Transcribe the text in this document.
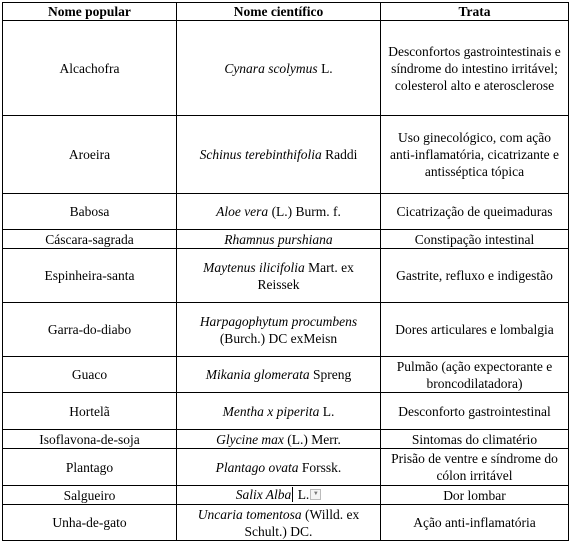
Nome popular	Nome científico	Trata
Alcachofra	Cynara scolymus L.	Desconfortos gastrointestinais e síndrome do intestino irritável; colesterol alto e aterosclerose
Aroeira	Schinus terebinthifolia Raddi	Uso ginecológico, com ação anti-inflamatória, cicatrizante e antisséptica tópica
Babosa	Aloe vera (L.) Burm. f.	Cicatrização de queimaduras
Cáscara-sagrada	Rhamnus purshiana	Constipação intestinal
Espinheira-santa	Maytenus ilicifolia Mart. ex Reissek	Gastrite, refluxo e indigestão
Garra-do-diabo	Harpagophytum procumbens (Burch.) DC exMeisn	Dores articulares e lombalgia
Guaco	Mikania glomerata Spreng	Pulmão (ação expectorante e broncodilatadora)
Hortelã	Mentha x piperita L.	Desconforto gastrointestinal
Isoflavona-de-soja	Glycine max (L.) Merr.	Sintomas do climatério
Plantago	Plantago ovata Forssk.	Prisão de ventre e síndrome do cólon irritável
Salgueiro	Salix Alba L. ▼	Dor lombar
Unha-de-gato	Uncaria tomentosa (Willd. ex Schult.) DC.	Ação anti-inflamatória
